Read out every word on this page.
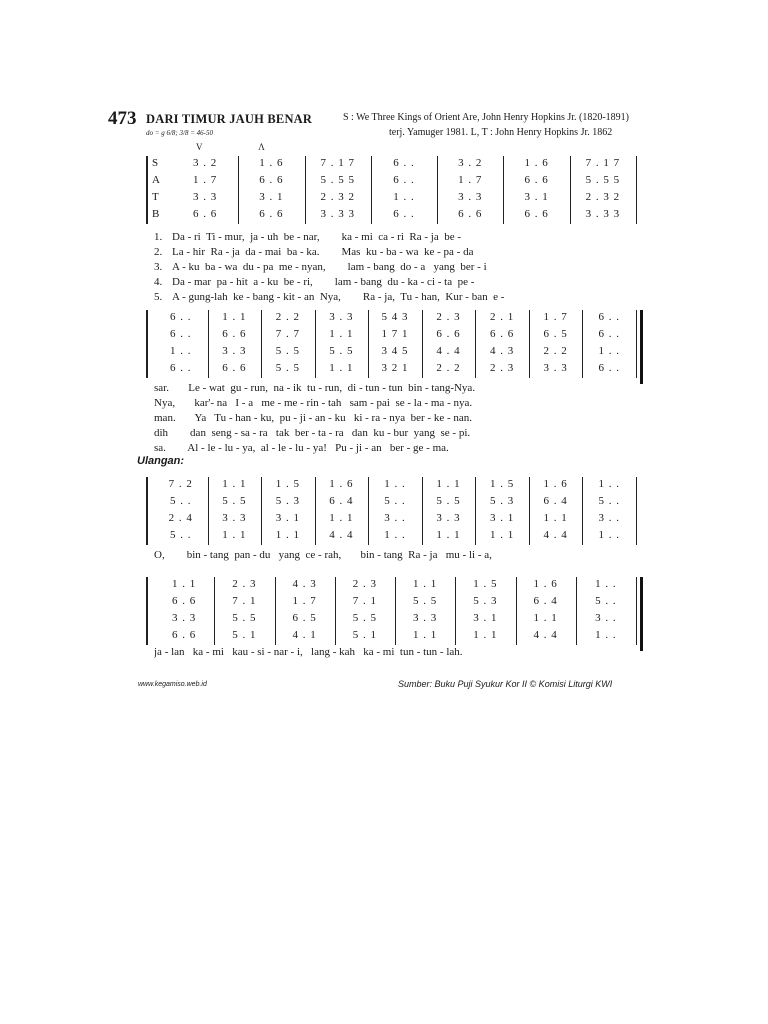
473 DARI TIMUR JAUH BENAR
do = g 6/8; 3/8 = 46-50
S : We Three Kings of Orient Are, John Henry Hopkins Jr. (1820-1891)
terj. Yamuger 1981. L, T : John Henry Hopkins Jr. 1862
V	Λ
S
A
T
B
3 . 2
1 . 7
3 . 3
6 . 6
1 . 6
6 . 6
3 . 1
6 . 6
7 . 1 7
5 . 5 5
2 . 3 2
3 . 3 3
6 . .
6 . .
1 . .
6 . .
3 . 2
1 . 7
3 . 3
6 . 6
1 . 6
6 . 6
3 . 1
6 . 6
7 . 1 7
5 . 5 5
2 . 3 2
3 . 3 3
1. Da - ri  Ti - mur,  ja - uh  be - nar,        ka - mi  ca - ri  Ra - ja  be -
2. La - hir  Ra - ja  da - mai  ba - ka.        Mas  ku - ba - wa  ke - pa - da
3. A - ku  ba - wa  du - pa  me - nyan,        lam - bang  do - a   yang  ber - i
4. Da - mar  pa - hit  a - ku  be - ri,        lam - bang  du - ka - ci - ta  pe -
5. A - gung-lah  ke - bang - kit - an  Nya,        Ra - ja,  Tu - han,  Kur - ban  e -
6 . .
6 . .
1 . .
6 . .
1 . 1
6 . 6
3 . 3
6 . 6
2 . 2
7 . 7
5 . 5
5 . 5
3 . 3
1 . 1
5 . 5
1 . 1
5 4 3
1 7 1
3 4 5
3 2 1
2 . 3
6 . 6
4 . 4
2 . 2
2 . 1
6 . 6
4 . 3
2 . 3
1 . 7
6 . 5
2 . 2
3 . 3
6 . .
6 . .
1 . .
6 . .
sar.       Le - wat  gu - run,  na - ik  tu - run,  di - tun - tun  bin - tang-Nya.
Nya,       kar'- na   I - a   me - me - rin - tah   sam - pai  se - la - ma - nya.
man.       Ya   Tu - han - ku,  pu - ji - an - ku   ki - ra - nya  ber - ke - nan.
dih        dan  seng - sa - ra   tak  ber - ta - ra   dan  ku - bur  yang  se - pi.
sa.        Al - le - lu - ya,  al - le - lu - ya!   Pu - ji - an   ber - ge - ma.
7 . 2
5 . .
2 . 4
5 . .
1 . 1
5 . 5
3 . 3
1 . 1
1 . 5
5 . 3
3 . 1
1 . 1
1 . 6
6 . 4
1 . 1
4 . 4
1 . .
5 . .
3 . .
1 . .
1 . 1
5 . 5
3 . 3
1 . 1
1 . 5
5 . 3
3 . 1
1 . 1
1 . 6
6 . 4
1 . 1
4 . 4
1 . .
5 . .
3 . .
1 . .
O,        bin - tang  pan - du   yang  ce - rah,       bin - tang  Ra - ja   mu - li - a,
1 . 1
6 . 6
3 . 3
6 . 6
2 . 3
7 . 1
5 . 5
5 . 1
4 . 3
1 . 7
6 . 5
4 . 1
2 . 3
7 . 1
5 . 5
5 . 1
1 . 1
5 . 5
3 . 3
1 . 1
1 . 5
5 . 3
3 . 1
1 . 1
1 . 6
6 . 4
1 . 1
4 . 4
1 . .
5 . .
3 . .
1 . .
ja - lan   ka - mi   kau - si - nar - i,   lang - kah   ka - mi  tun - tun - lah.
Ulangan:
www.kegamiso.web.id	Sumber: Buku Puji Syukur Kor II © Komisi Liturgi KWI
